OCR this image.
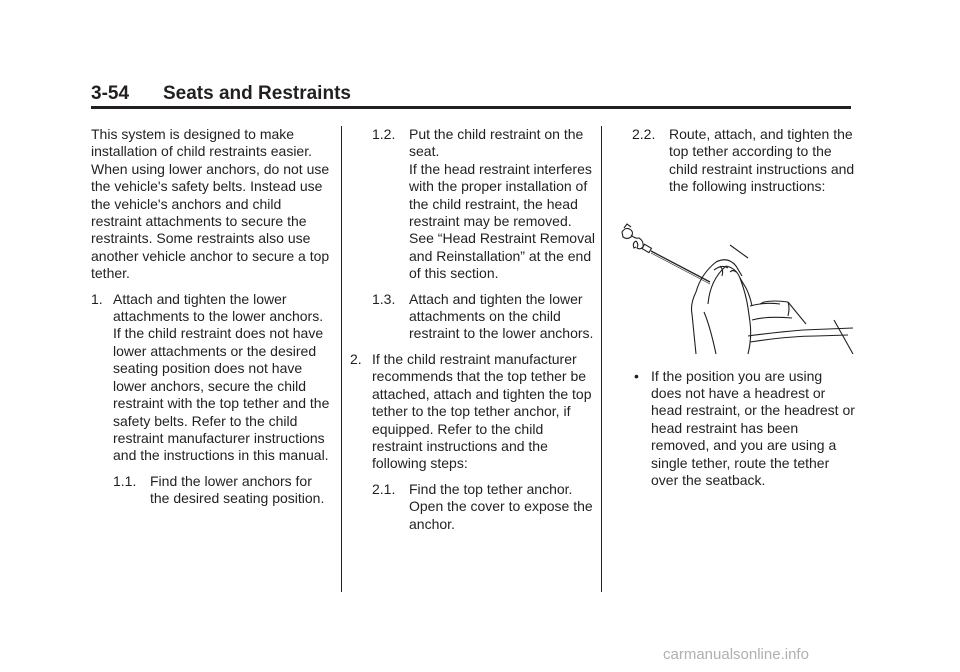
3-54 Seats and Restraints

This system is designed to make installation of child restraints easier. When using lower anchors, do not use the vehicle's safety belts. Instead use the vehicle's anchors and child restraint attachments to secure the restraints. Some restraints also use another vehicle anchor to secure a top tether.

1. Attach and tighten the lower attachments to the lower anchors. If the child restraint does not have lower attachments or the desired seating position does not have lower anchors, secure the child restraint with the top tether and the safety belts. Refer to the child restraint manufacturer instructions and the instructions in this manual.
1.1. Find the lower anchors for the desired seating position.
1.2. Put the child restraint on the seat.

If the head restraint interferes with the proper installation of the child restraint, the head restraint may be removed. See “Head Restraint Removal and Reinstallation” at the end of this section.

1.3. Attach and tighten the lower attachments on the child restraint to the lower anchors.
2. If the child restraint manufacturer recommends that the top tether be attached, attach and tighten the top tether to the top tether anchor, if equipped. Refer to the child restraint instructions and the following steps:
2.1. Find the top tether anchor.

Open the cover to expose the anchor.

2.2. Route, attach, and tighten the top tether according to the child restraint instructions and the following instructions:
• If the position you are using does not have a headrest or head restraint, or the headrest or head restraint has been removed, and you are using a single tether, route the tether over the seatback.
carmanualsonline.info
